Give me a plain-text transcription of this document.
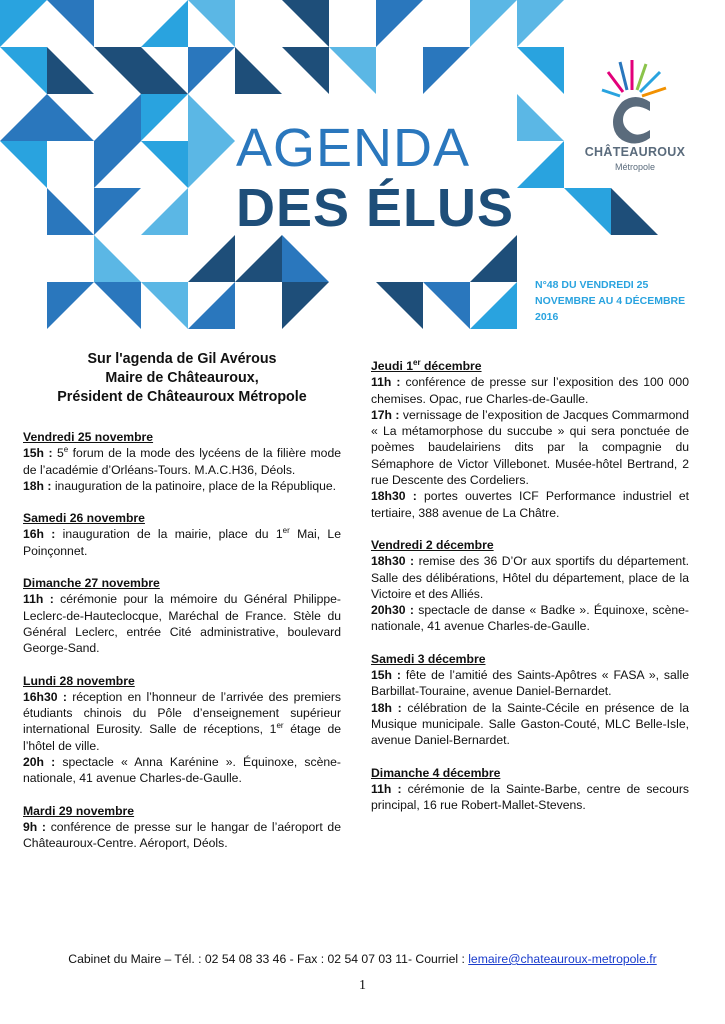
AGENDA
DES ÉLUS
CHÂTEAUROUX
Métropole
N°48 DU VENDREDI 25 NOVEMBRE AU 4 DÉCEMBRE 2016
Sur l'agenda de Gil Avérous
Maire de Châteauroux,
Président de Châteauroux Métropole
Vendredi 25 novembre

15h : 5e forum de la mode des lycéens de la filière mode de l’académie d’Orléans-Tours. M.A.C.H36, Déols.

18h : inauguration de la patinoire, place de la République.

Samedi 26 novembre

16h : inauguration de la mairie, place du 1er Mai, Le Poinçonnet.

Dimanche 27 novembre

11h : cérémonie pour la mémoire du Général Philippe-Leclerc-de-Hauteclocque, Maréchal de France. Stèle du Général Leclerc, entrée Cité administrative, boulevard George-Sand.

Lundi 28 novembre

16h30 : réception en l’honneur de l’arrivée des premiers étudiants chinois du Pôle d’enseignement supérieur international Eurosity. Salle de réceptions, 1er étage de l’hôtel de ville.

20h : spectacle « Anna Karénine ». Équinoxe, scène-nationale, 41 avenue Charles-de-Gaulle.

Mardi 29 novembre

9h : conférence de presse sur le hangar de l’aéroport de Châteauroux-Centre. Aéroport, Déols.

Jeudi 1er décembre

11h : conférence de presse sur l’exposition des 100 000 chemises. Opac, rue Charles-de-Gaulle.

17h : vernissage de l’exposition de Jacques Commarmond « La métamorphose du succube » qui sera ponctuée de poèmes baudelairiens dits par la compagnie du Sémaphore de Victor Villebonet. Musée-hôtel Bertrand, 2 rue Descente des Cordeliers.

18h30 : portes ouvertes ICF Performance industriel et tertiaire, 388 avenue de La Châtre.

Vendredi 2 décembre

18h30 : remise des 36 D’Or aux sportifs du département. Salle des délibérations, Hôtel du département, place de la Victoire et des Alliés.

20h30 : spectacle de danse « Badke ». Équinoxe, scène-nationale, 41 avenue Charles-de-Gaulle.

Samedi 3 décembre

15h : fête de l’amitié des Saints-Apôtres « FASA », salle Barbillat-Touraine, avenue Daniel-Bernardet.

18h : célébration de la Sainte-Cécile en présence de la Musique municipale. Salle Gaston-Couté, MLC Belle-Isle, avenue Daniel-Bernardet.

Dimanche 4 décembre

11h : cérémonie de la Sainte-Barbe, centre de secours principal, 16 rue Robert-Mallet-Stevens.

Cabinet du Maire – Tél. : 02 54 08 33 46 - Fax : 02 54 07 03 11- Courriel : lemaire@chateauroux-metropole.fr
1
